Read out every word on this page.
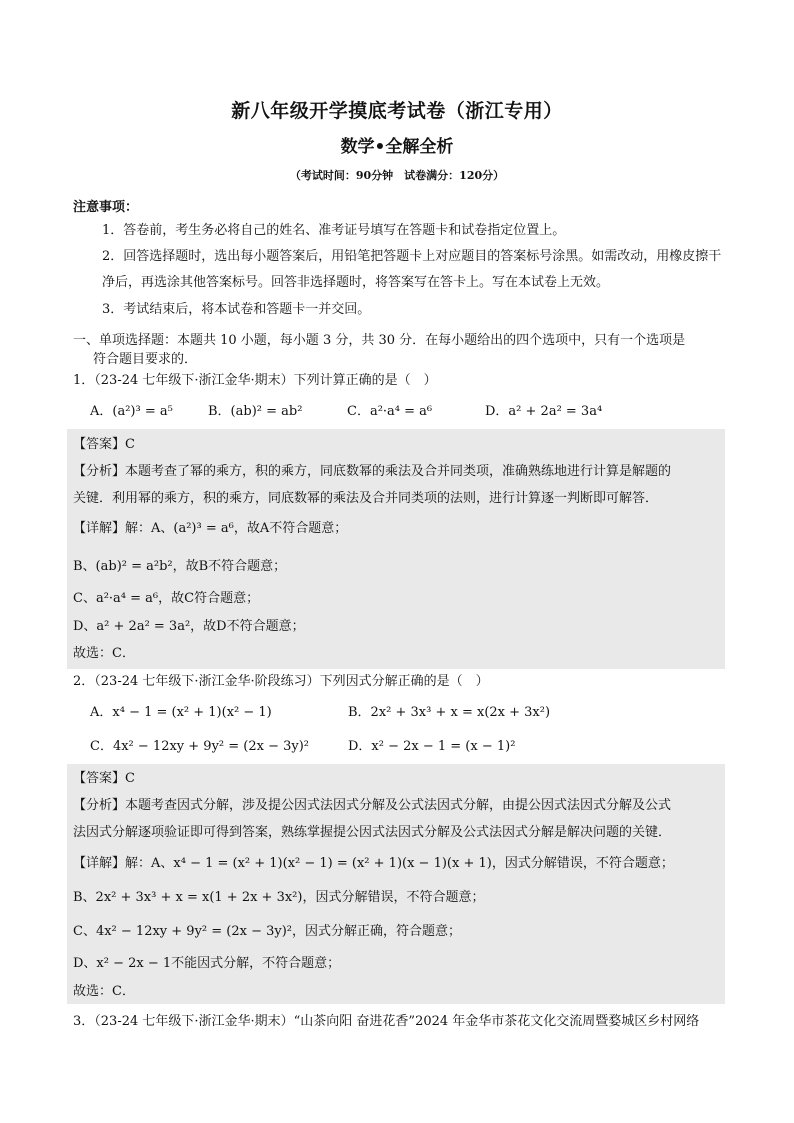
新八年级开学摸底考试卷（浙江专用）
数学•全解全析
（考试时间：90分钟　试卷满分：120分）
注意事项：
1．答卷前，考生务必将自己的姓名、准考证号填写在答题卡和试卷指定位置上。
2．回答选择题时，选出每小题答案后，用铅笔把答题卡上对应题目的答案标号涂黑。如需改动，用橡皮擦干净后，再选涂其他答案标号。回答非选择题时，将答案写在答卡上。写在本试卷上无效。
3．考试结束后，将本试卷和答题卡一并交回。
一、单项选择题：本题共 10 小题，每小题 3 分，共 30 分．在每小题给出的四个选项中，只有一个选项是
符合题目要求的．
1．（23-24 七年级下·浙江金华·期末）下列计算正确的是（　）
A．(a²)³ = a⁵	B．(ab)² = ab²	C．a²·a⁴ = a⁶	D．a² + 2a² = 3a⁴
【答案】C
【分析】本题考查了幂的乘方，积的乘方，同底数幂的乘法及合并同类项，准确熟练地进行计算是解题的
关键．利用幂的乘方，积的乘方，同底数幂的乘法及合并同类项的法则，进行计算逐一判断即可解答．
【详解】解：A、(a²)³ = a⁶，故A不符合题意；
B、(ab)² = a²b²，故B不符合题意；
C、a²·a⁴ = a⁶，故C符合题意；
D、a² + 2a² = 3a²，故D不符合题意；
故选：C．
2．（23-24 七年级下·浙江金华·阶段练习）下列因式分解正确的是（　）
A．x⁴ − 1 = (x² + 1)(x² − 1)	B．2x² + 3x³ + x = x(2x + 3x²)
C．4x² − 12xy + 9y² = (2x − 3y)²	D．x² − 2x − 1 = (x − 1)²
【答案】C
【分析】本题考查因式分解，涉及提公因式法因式分解及公式法因式分解，由提公因式法因式分解及公式
法因式分解逐项验证即可得到答案，熟练掌握提公因式法因式分解及公式法因式分解是解决问题的关键．
【详解】解：A、x⁴ − 1 = (x² + 1)(x² − 1) = (x² + 1)(x − 1)(x + 1)，因式分解错误，不符合题意；
B、2x² + 3x³ + x = x(1 + 2x + 3x²)，因式分解错误，不符合题意；
C、4x² − 12xy + 9y² = (2x − 3y)²，因式分解正确，符合题意；
D、x² − 2x − 1不能因式分解，不符合题意；
故选：C．
3．（23-24 七年级下·浙江金华·期末）“山茶向阳 奋进花香”2024 年金华市茶花文化交流周暨婺城区乡村网络
